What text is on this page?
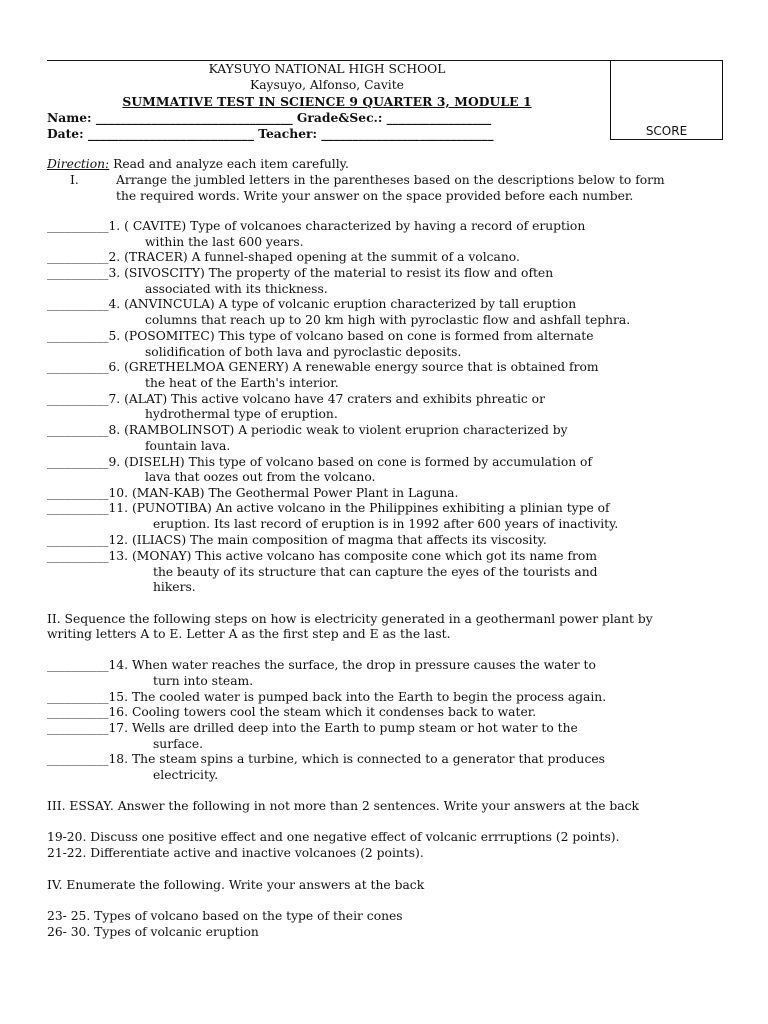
SCORE
KAYSUYO NATIONAL HIGH SCHOOL
Kaysuyo, Alfonso, Cavite
SUMMATIVE TEST IN SCIENCE 9 QUARTER 3, MODULE 1
Name: ________________________________ Grade&Sec.: _________________
Date: ___________________________ Teacher: ____________________________
Direction: Read and analyze each item carefully.
I.	Arrange the jumbled letters in the parentheses based on the descriptions below to form
the required words. Write your answer on the space provided before each number.
__________1. ( CAVITE) Type of volcanoes characterized by having a record of eruption
within the last 600 years.
__________2. (TRACER) A funnel-shaped opening at the summit of a volcano.
__________3. (SIVOSCITY) The property of the material to resist its flow and often
associated with its thickness.
__________4. (ANVINCULA) A type of volcanic eruption characterized by tall eruption
columns that reach up to 20 km high with pyroclastic flow and ashfall tephra.
__________5. (POSOMITEC) This type of volcano based on cone is formed from alternate
solidification of both lava and pyroclastic deposits.
__________6. (GRETHELMOA GENERY) A renewable energy source that is obtained from
the heat of the Earth's interior.
__________7. (ALAT) This active volcano have 47 craters and exhibits phreatic or
hydrothermal type of eruption.
__________8. (RAMBOLINSOT) A periodic weak to violent eruprion characterized by
fountain lava.
__________9. (DISELH) This type of volcano based on cone is formed by accumulation of
lava that oozes out from the volcano.
__________10. (MAN-KAB) The Geothermal Power Plant in Laguna.
__________11. (PUNOTIBA) An active volcano in the Philippines exhibiting a plinian type of
eruption. Its last record of eruption is in 1992 after 600 years of inactivity.
__________12. (ILIACS) The main composition of magma that affects its viscosity.
__________13. (MONAY) This active volcano has composite cone which got its name from
the beauty of its structure that can capture the eyes of the tourists and
hikers.
II. Sequence the following steps on how is electricity generated in a geothermanl power plant by
writing letters A to E. Letter A as the first step and E as the last.
__________14. When water reaches the surface, the drop in pressure causes the water to
turn into steam.
__________15. The cooled water is pumped back into the Earth to begin the process again.
__________16. Cooling towers cool the steam which it condenses back to water.
__________17. Wells are drilled deep into the Earth to pump steam or hot water to the
surface.
__________18. The steam spins a turbine, which is connected to a generator that produces
electricity.
III. ESSAY. Answer the following in not more than 2 sentences. Write your answers at the back
19-20. Discuss one positive effect and one negative effect of volcanic errruptions (2 points).
21-22. Differentiate active and inactive volcanoes (2 points).
IV. Enumerate the following. Write your answers at the back
23- 25. Types of volcano based on the type of their cones
26- 30. Types of volcanic eruption
